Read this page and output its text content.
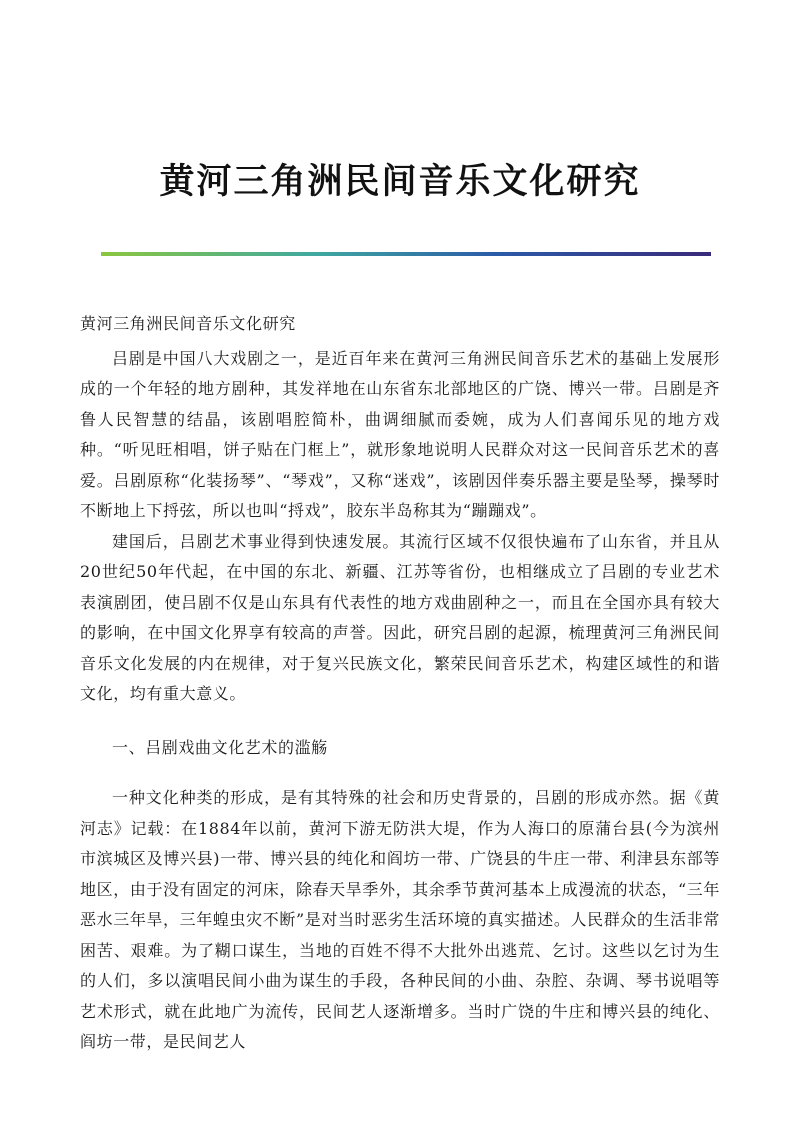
黄河三角洲民间音乐文化研究

黄河三角洲民间音乐文化研究

吕剧是中国八大戏剧之一，是近百年来在黄河三角洲民间音乐艺术的基础上发展形成的一个年轻的地方剧种，其发祥地在山东省东北部地区的广饶、博兴一带。吕剧是齐鲁人民智慧的结晶，该剧唱腔简朴，曲调细腻而委婉，成为人们喜闻乐见的地方戏种。“听见旺相唱，饼子贴在门框上”，就形象地说明人民群众对这一民间音乐艺术的喜爱。吕剧原称“化装扬琴”、“琴戏”，又称“迷戏”，该剧因伴奏乐器主要是坠琴，操琴时不断地上下捋弦，所以也叫“捋戏”，胶东半岛称其为“蹦蹦戏”。

建国后，吕剧艺术事业得到快速发展。其流行区域不仅很快遍布了山东省，并且从20世纪50年代起，在中国的东北、新疆、江苏等省份，也相继成立了吕剧的专业艺术表演剧团，使吕剧不仅是山东具有代表性的地方戏曲剧种之一，而且在全国亦具有较大的影响，在中国文化界享有较高的声誉。因此，研究吕剧的起源，梳理黄河三角洲民间音乐文化发展的内在规律，对于复兴民族文化，繁荣民间音乐艺术，构建区域性的和谐文化，均有重大意义。

一、吕剧戏曲文化艺术的滥觞

一种文化种类的形成，是有其特殊的社会和历史背景的，吕剧的形成亦然。据《黄河志》记载：在1884年以前，黄河下游无防洪大堤，作为人海口的原蒲台县(今为滨州市滨城区及博兴县)一带、博兴县的纯化和阎坊一带、广饶县的牛庄一带、利津县东部等地区，由于没有固定的河床，除春天旱季外，其余季节黄河基本上成漫流的状态，“三年恶水三年旱，三年蝗虫灾不断”是对当时恶劣生活环境的真实描述。人民群众的生活非常困苦、艰难。为了糊口谋生，当地的百姓不得不大批外出逃荒、乞讨。这些以乞讨为生的人们，多以演唱民间小曲为谋生的手段，各种民间的小曲、杂腔、杂调、琴书说唱等艺术形式，就在此地广为流传，民间艺人逐渐增多。当时广饶的牛庄和博兴县的纯化、阎坊一带，是民间艺人
